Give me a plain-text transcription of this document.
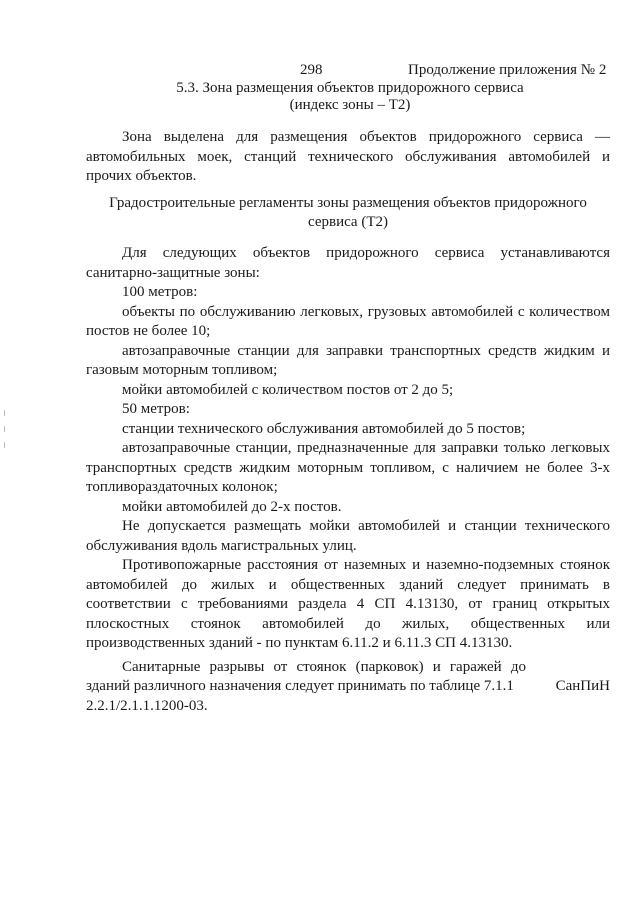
298	Продолжение приложения № 2
5.3. Зона размещения объектов придорожного сервиса
(индекс зоны – Т2)

Зона выделена для размещения объектов придорожного сервиса — автомобильных моек, станций технического обслуживания автомобилей и прочих объектов.

Градостроительные регламенты зоны размещения объектов придорожного
сервиса (Т2)

Для следующих объектов придорожного сервиса устанавливаются санитарно-защитные зоны:

100 метров:

объекты по обслуживанию легковых, грузовых автомобилей с количеством постов не более 10;

автозаправочные станции для заправки транспортных средств жидким и газовым моторным топливом;

мойки автомобилей с количеством постов от 2 до 5;

50 метров:

станции технического обслуживания автомобилей до 5 постов;

автозаправочные станции, предназначенные для заправки только легковых транспортных средств жидким моторным топливом, с наличием не более 3-х топливораздаточных колонок;

мойки автомобилей до 2-х постов.

Не допускается размещать мойки автомобилей и станции технического обслуживания вдоль магистральных улиц.

Противопожарные расстояния от наземных и наземно-подземных стоянок автомобилей до жилых и общественных зданий следует принимать в соответствии с требованиями раздела 4 СП 4.13130, от границ открытых плоскостных стоянок автомобилей до жилых, общественных или производственных зданий - по пунктам 6.11.2 и 6.11.3 СП 4.13130.

Санитарные разрывы от стоянок (парковок) и гаражей до зданий различного назначения следует принимать по таблице 7.1.1	СанПиН
2.2.1/2.1.1.1200-03.
